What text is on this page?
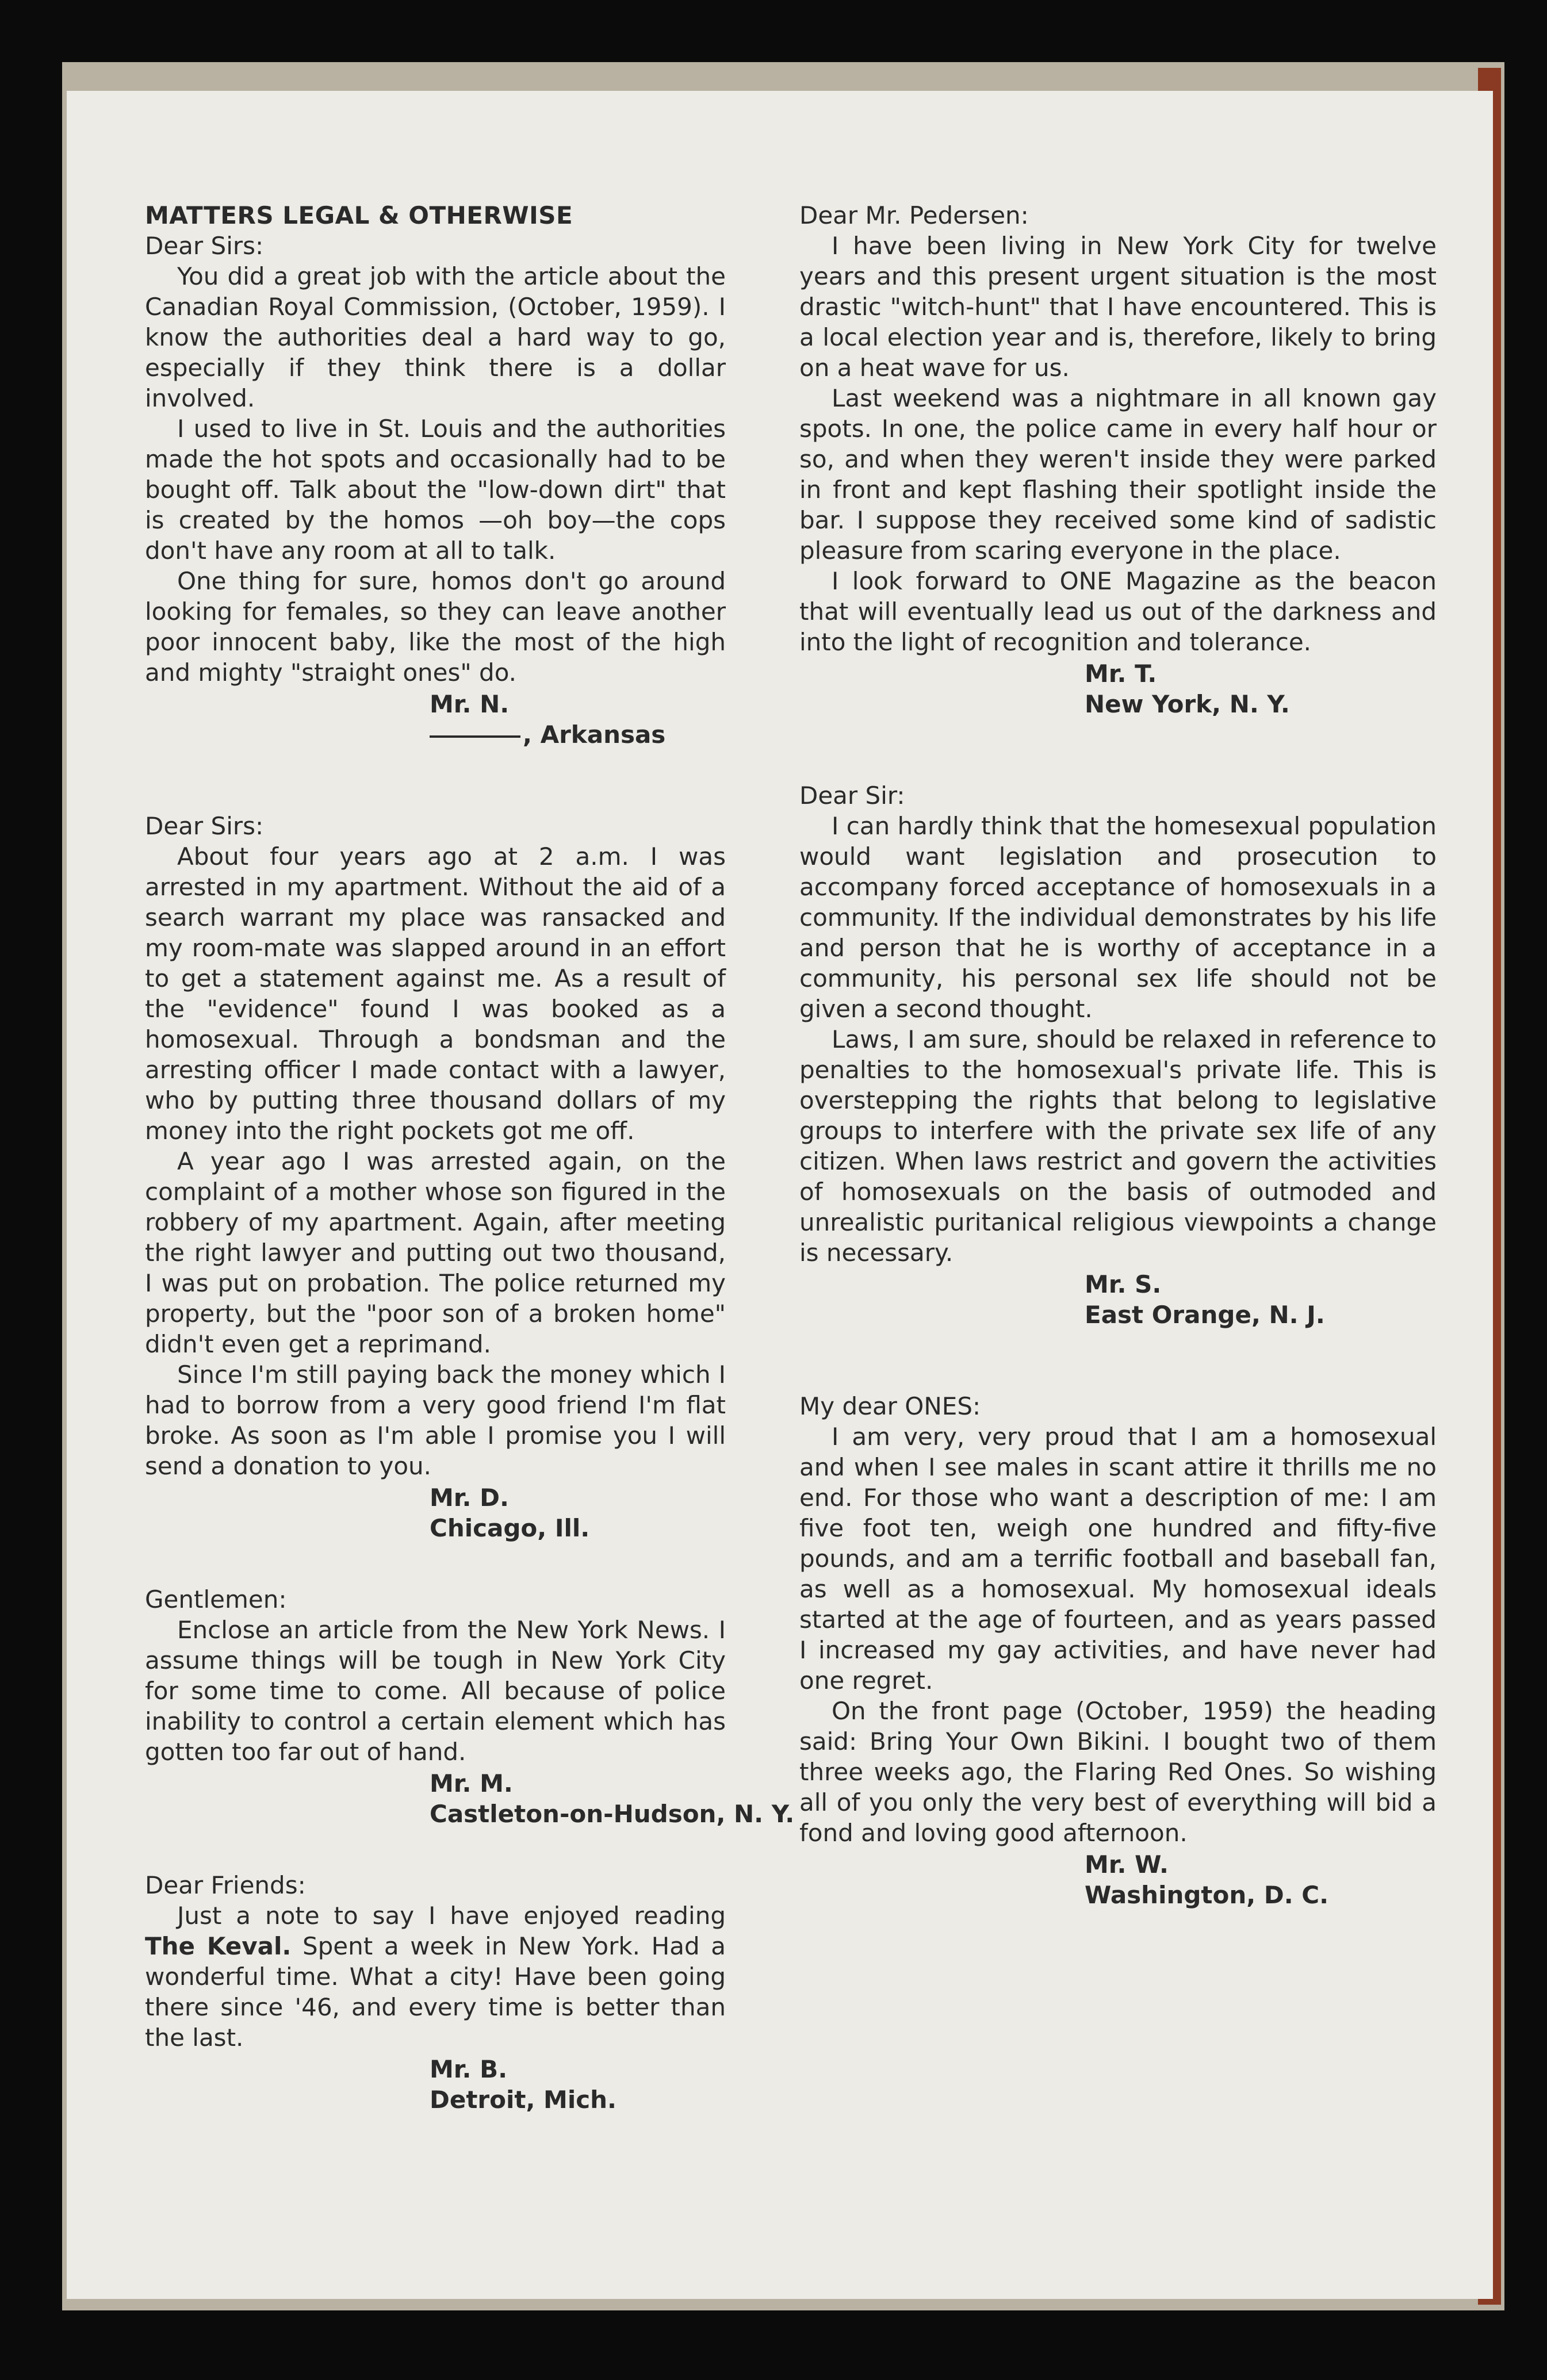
MATTERS LEGAL & OTHERWISE

Dear Sirs:

You did a great job with the article about the Canadian Royal Commission, (October, 1959). I know the authorities deal a hard way to go, especially if they think there is a dollar involved.

I used to live in St. Louis and the authorities made the hot spots and occasionally had to be bought off. Talk about the "low-down dirt" that is created by the homos —oh boy—the cops don't have any room at all to talk.

One thing for sure, homos don't go around looking for females, so they can leave another poor innocent baby, like the most of the high and mighty "straight ones" do.

Mr. N.
, Arkansas

Dear Sirs:

About four years ago at 2 a.m. I was arrested in my apartment. Without the aid of a search warrant my place was ransacked and my room-mate was slapped around in an effort to get a statement against me. As a result of the "evidence" found I was booked as a homosexual. Through a bondsman and the arresting officer I made contact with a lawyer, who by putting three thousand dollars of my money into the right pockets got me off.

A year ago I was arrested again, on the complaint of a mother whose son figured in the robbery of my apartment. Again, after meeting the right lawyer and putting out two thousand, I was put on probation. The police returned my property, but the "poor son of a broken home" didn't even get a reprimand.

Since I'm still paying back the money which I had to borrow from a very good friend I'm flat broke. As soon as I'm able I promise you I will send a donation to you.

Mr. D.
Chicago, Ill.

Gentlemen:

Enclose an article from the New York News. I assume things will be tough in New York City for some time to come. All because of police inability to control a certain element which has gotten too far out of hand.

Mr. M.
Castleton-on-Hudson, N. Y.

Dear Friends:

Just a note to say I have enjoyed reading The Keval. Spent a week in New York. Had a wonderful time. What a city! Have been going there since '46, and every time is better than the last.

Mr. B.
Detroit, Mich.

Dear Mr. Pedersen:

I have been living in New York City for twelve years and this present urgent situation is the most drastic "witch-hunt" that I have encountered. This is a local election year and is, therefore, likely to bring on a heat wave for us.

Last weekend was a nightmare in all known gay spots. In one, the police came in every half hour or so, and when they weren't inside they were parked in front and kept flashing their spotlight inside the bar. I suppose they received some kind of sadistic pleasure from scaring everyone in the place.

I look forward to ONE Magazine as the beacon that will eventually lead us out of the darkness and into the light of recognition and tolerance.

Mr. T.
New York, N. Y.

Dear Sir:

I can hardly think that the homesexual population would want legislation and prosecution to accompany forced acceptance of homosexuals in a community. If the individual demonstrates by his life and person that he is worthy of acceptance in a community, his personal sex life should not be given a second thought.

Laws, I am sure, should be relaxed in reference to penalties to the homosexual's private life. This is overstepping the rights that belong to legislative groups to interfere with the private sex life of any citizen. When laws restrict and govern the activities of homosexuals on the basis of outmoded and unrealistic puritanical religious viewpoints a change is necessary.

Mr. S.
East Orange, N. J.

My dear ONES:

I am very, very proud that I am a homosexual and when I see males in scant attire it thrills me no end. For those who want a description of me: I am five foot ten, weigh one hundred and fifty-five pounds, and am a terrific football and baseball fan, as well as a homosexual. My homosexual ideals started at the age of fourteen, and as years passed I increased my gay activities, and have never had one regret.

On the front page (October, 1959) the heading said: Bring Your Own Bikini. I bought two of them three weeks ago, the Flaring Red Ones. So wishing all of you only the very best of everything will bid a fond and loving good afternoon.

Mr. W.
Washington, D. C.
